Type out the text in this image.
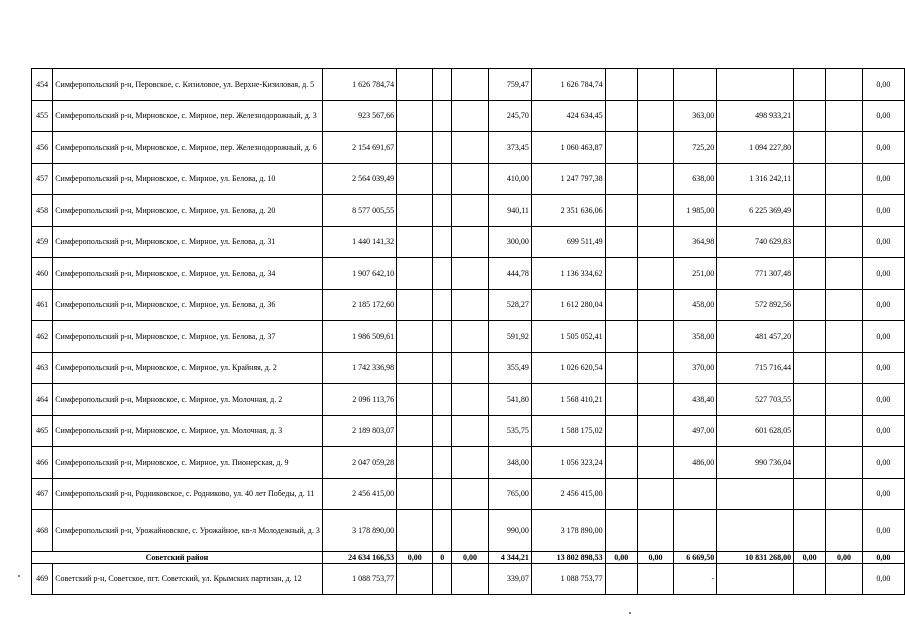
454	Симферопольский р-н, Перовское, с. Кизиловое, ул. Верхне-Кизиловая, д. 5	1 626 784,74				759,47	1 626 784,74							0,00
455	Симферопольский р-н, Мирновское, с. Мирное, пер. Железнодорожный, д. 3	923 567,66				245,70	424 634,45			363,00	498 933,21			0,00
456	Симферопольский р-н, Мирновское, с. Мирное, пер. Железнодорожный, д. 6	2 154 691,67				373,45	1 060 463,87			725,20	1 094 227,80			0,00
457	Симферопольский р-н, Мирновское, с. Мирное, ул. Белова, д. 10	2 564 039,49				410,00	1 247 797,38			638,00	1 316 242,11			0,00
458	Симферопольский р-н, Мирновское, с. Мирное, ул. Белова, д. 20	8 577 005,55				940,11	2 351 636,06			1 985,00	6 225 369,49			0,00
459	Симферопольский р-н, Мирновское, с. Мирное, ул. Белова, д. 31	1 440 141,32				300,00	699 511,49			364,98	740 629,83			0,00
460	Симферопольский р-н, Мирновское, с. Мирное, ул. Белова, д. 34	1 907 642,10				444,78	1 136 334,62			251,00	771 307,48			0,00
461	Симферопольский р-н, Мирновское, с. Мирное, ул. Белова, д. 36	2 185 172,60				528,27	1 612 280,04			458,00	572 892,56			0,00
462	Симферопольский р-н, Мирновское, с. Мирное, ул. Белова, д. 37	1 986 509,61				591,92	1 505 052,41			358,00	481 457,20			0,00
463	Симферопольский р-н, Мирновское, с. Мирное, ул. Крайняя, д. 2	1 742 336,98				355,49	1 026 620,54			370,00	715 716,44			0,00
464	Симферопольский р-н, Мирновское, с. Мирное, ул. Молочная, д. 2	2 096 113,76				541,80	1 568 410,21			438,40	527 703,55			0,00
465	Симферопольский р-н, Мирновское, с. Мирное, ул. Молочная, д. 3	2 189 803,07				535,75	1 588 175,02			497,00	601 628,05			0,00
466	Симферопольский р-н, Мирновское, с. Мирное, ул. Пионерская, д. 9	2 047 059,28				348,00	1 056 323,24			486,00	990 736,04			0,00
467	Симферопольский р-н, Родниковское, с. Родниково, ул. 40 лет Победы, д. 11	2 456 415,00				765,00	2 456 415,00							0,00
468	Симферопольский р-н, Урожайновское, с. Урожайное, кв-л Молодежный, д. 3	3 178 890,00				990,00	3 178 890,00							0,00
Советский район		24 634 166,53	0,00	0	0,00	4 344,21	13 802 898,53	0,00	0,00	6 669,50	10 831 268,00	0,00	0,00	0,00
469	Советский р-н, Советское, пгт. Советский, ул. Крымских партизан, д. 12	1 088 753,77				339,07	1 088 753,77			-				0,00
